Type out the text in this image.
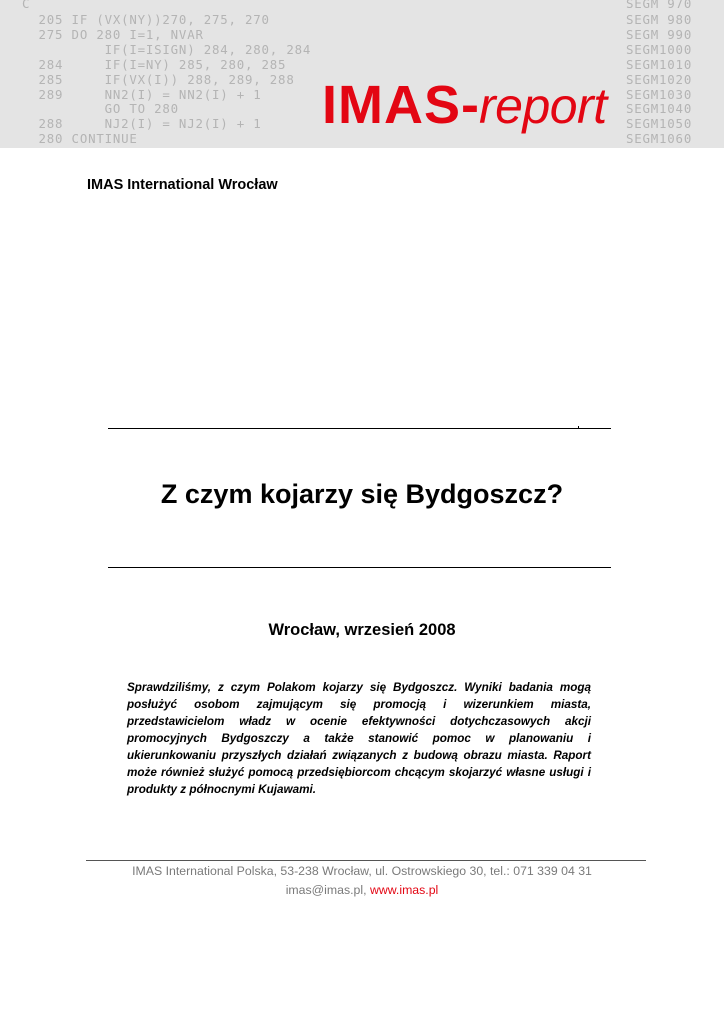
C
205 IF (VX(NY))270, 275, 270
275 DO 280 I=1, NVAR
IF(I=ISIGN) 284, 280, 284
284     IF(I=NY) 285, 280, 285
285     IF(VX(I)) 288, 289, 288
289     NN2(I) = NN2(I) + 1
GO TO 280
288     NJ2(I) = NJ2(I) + 1
280 CONTINUE
SEGM 970
SEGM 980
SEGM 990
SEGM1000
SEGM1010
SEGM1020
SEGM1030
SEGM1040
SEGM1050
SEGM1060
IMAS-report
IMAS International Wrocław
Z czym kojarzy się Bydgoszcz?
Wrocław, wrzesień 2008

Sprawdziliśmy, z czym Polakom kojarzy się Bydgoszcz. Wyniki badania mogą posłużyć osobom zajmującym się promocją i wizerunkiem miasta, przedstawicielom władz w ocenie efektywności dotychczasowych akcji promocyjnych Bydgoszczy a także stanowić pomoc w planowaniu i ukierunkowaniu przyszłych działań związanych z budową obrazu miasta. Raport może również służyć pomocą przedsiębiorcom chcącym skojarzyć własne usługi i produkty z północnymi Kujawami.

IMAS International Polska, 53-238 Wrocław, ul. Ostrowskiego 30, tel.: 071 339 04 31
imas@imas.pl, www.imas.pl
